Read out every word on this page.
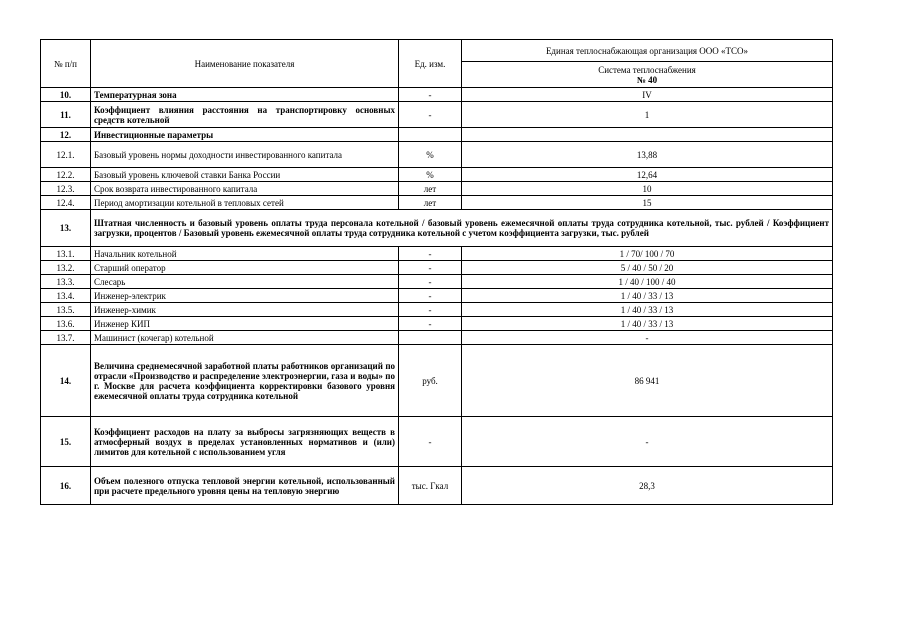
№ п/п	Наименование показателя	Ед. изм.	Единая теплоснабжающая организация ООО «ТСО»

			Система теплоснабжения
№ 40

10.	Температурная зона	-	IV
11.	Коэффициент влияния расстояния на транспортировку основных средств котельной	-	1
12.	Инвестиционные параметры		
12.1.	Базовый уровень нормы доходности инвестированного капитала	%	13,88
12.2.	Базовый уровень ключевой ставки Банка России	%	12,64
12.3.	Срок возврата инвестированного капитала	лет	10
12.4.	Период амортизации котельной в тепловых сетей	лет	15
13.	Штатная численность и базовый уровень оплаты труда персонала котельной / базовый уровень ежемесячной оплаты труда сотрудника котельной, тыс. рублей / Коэффициент загрузки, процентов / Базовый уровень ежемесячной оплаты труда сотрудника котельной с учетом коэффициента загрузки, тыс. рублей		
13.1.	Начальник котельной	-	1 / 70/ 100 / 70
13.2.	Старший оператор	-	5 / 40 / 50 / 20
13.3.	Слесарь	-	1 / 40 / 100 / 40
13.4.	Инженер-электрик	-	1 / 40 / 33 / 13
13.5.	Инженер-химик	-	1 / 40 / 33 / 13
13.6.	Инженер КИП	-	1 / 40 / 33 / 13
13.7.	Машинист (кочегар) котельной		-
14.	Величина среднемесячной заработной платы работников организаций по отрасли «Производство и распределение электроэнергии, газа и воды» по г. Москве для расчета коэффициента корректировки базового уровня ежемесячной оплаты труда сотрудника котельной	руб.	86 941
15.	Коэффициент расходов на плату за выбросы загрязняющих веществ в атмосферный воздух в пределах установленных нормативов и (или) лимитов для котельной с использованием угля	-	-
16.	Объем полезного отпуска тепловой энергии котельной, использованный при расчете предельного уровня цены на тепловую энергию	тыс. Гкал	28,3
